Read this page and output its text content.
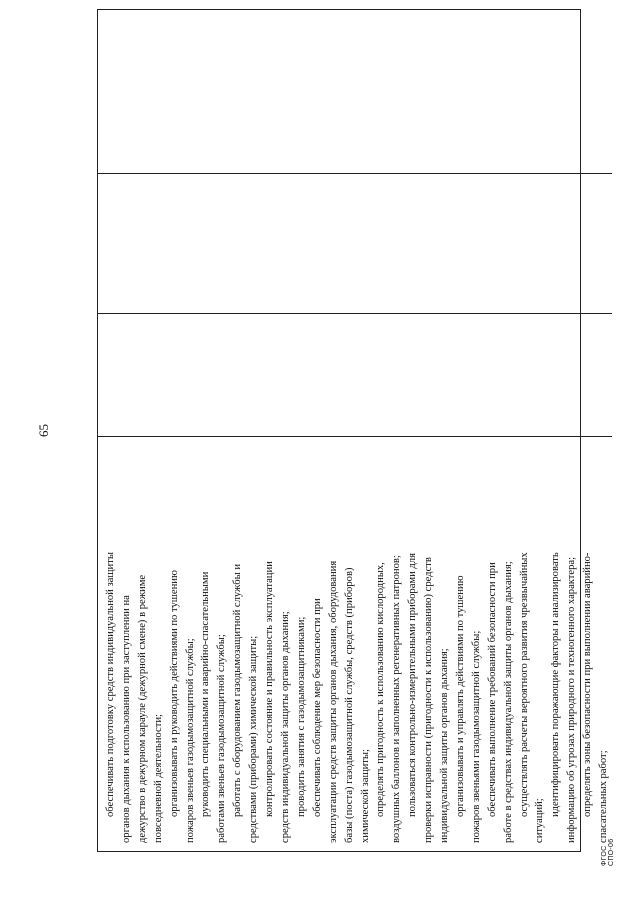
65
обеспечивать подготовку средств индивидуальной защиты органов дыхания к использованию при заступлении на дежурство в дежурном карауле (дежурной смене) в режиме повседневной деятельности; организовывать и руководить действиями по тушению пожаров звеньев газодымозащитной службы; руководить специальными и аварийно-спасательными работами звеньев газодымозащитной службы; работать с оборудованием газодымозащитной службы и средствами (приборами) химической защиты; контролировать состояние и правильность эксплуатации средств индивидуальной защиты органов дыхания; проводить занятия с газодымозащитниками; обеспечивать соблюдение мер безопасности при эксплуатации средств защиты органов дыхания, оборудования базы (поста) газодымозащитной службы, средств (приборов) химической защиты; определять пригодность к использованию кислородных, воздушных баллонов и заполненных регенеративных патронов; пользоваться контрольно-измерительными приборами для проверки исправности (пригодности к использованию) средств индивидуальной защиты органов дыхания; организовывать и управлять действиями по тушению пожаров звеньями газодымозащитной службы; обеспечивать выполнение требований безопасности при работе в средствах индивидуальной защиты органов дыхания; осуществлять расчеты вероятного развития чрезвычайных
ситуаций;
идентифицировать поражающие факторы и анализировать информацию об угрозах природного и техногенного характера; определять зоны безопасности при выполнении аварийно- спасательных работ;
ФГОС СПО-06
